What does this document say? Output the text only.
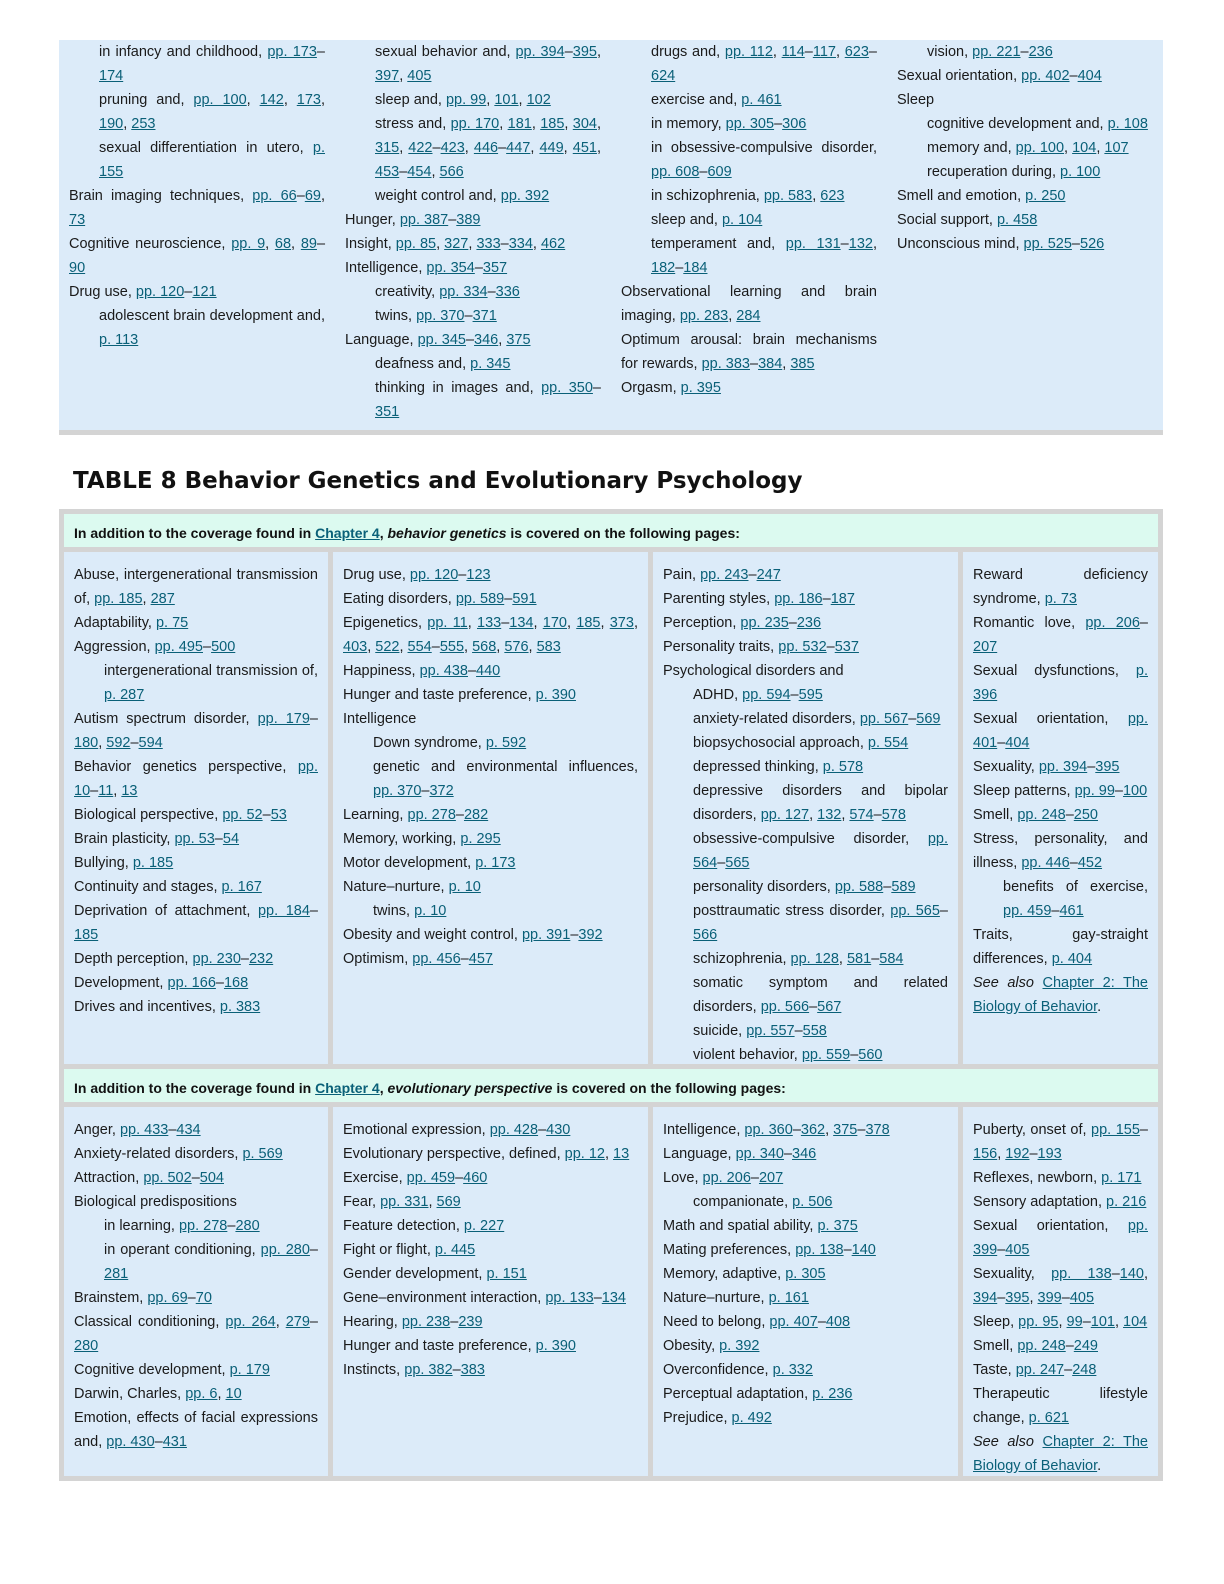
in infancy and childhood, pp. 173–174

pruning and, pp. 100, 142, 173, 190, 253

sexual differentiation in utero, p. 155

Brain imaging techniques, pp. 66–69, 73

Cognitive neuroscience, pp. 9, 68, 89–90

Drug use, pp. 120–121

adolescent brain development and, p. 113

sexual behavior and, pp. 394–395, 397, 405

sleep and, pp. 99, 101, 102

stress and, pp. 170, 181, 185, 304, 315, 422–423, 446–447, 449, 451, 453–454, 566

weight control and, pp. 392

Hunger, pp. 387–389

Insight, pp. 85, 327, 333–334, 462

Intelligence, pp. 354–357

creativity, pp. 334–336

twins, pp. 370–371

Language, pp. 345–346, 375

deafness and, p. 345

thinking in images and, pp. 350–351

drugs and, pp. 112, 114–117, 623–624

exercise and, p. 461

in memory, pp. 305–306

in obsessive-compulsive disorder, pp. 608–609

in schizophrenia, pp. 583, 623

sleep and, p. 104

temperament and, pp. 131–132, 182–184

Observational learning and brain imaging, pp. 283, 284

Optimum arousal: brain mechanisms for rewards, pp. 383–384, 385

Orgasm, p. 395

vision, pp. 221–236

Sexual orientation, pp. 402–404

Sleep

cognitive development and, p. 108

memory and, pp. 100, 104, 107

recuperation during, p. 100

Smell and emotion, p. 250

Social support, p. 458

Unconscious mind, pp. 525–526

TABLE 8 Behavior Genetics and Evolutionary Psychology
In addition to the coverage found in Chapter 4, behavior genetics is covered on the following pages:

Abuse, intergenerational transmission of, pp. 185, 287

Adaptability, p. 75

Aggression, pp. 495–500

intergenerational transmission of, p. 287

Autism spectrum disorder, pp. 179–180, 592–594

Behavior genetics perspective, pp. 10–11, 13

Biological perspective, pp. 52–53

Brain plasticity, pp. 53–54

Bullying, p. 185

Continuity and stages, p. 167

Deprivation of attachment, pp. 184–185

Depth perception, pp. 230–232

Development, pp. 166–168

Drives and incentives, p. 383

Drug use, pp. 120–123

Eating disorders, pp. 589–591

Epigenetics, pp. 11, 133–134, 170, 185, 373, 403, 522, 554–555, 568, 576, 583

Happiness, pp. 438–440

Hunger and taste preference, p. 390

Intelligence

Down syndrome, p. 592

genetic and environmental influences, pp. 370–372

Learning, pp. 278–282

Memory, working, p. 295

Motor development, p. 173

Nature–nurture, p. 10

twins, p. 10

Obesity and weight control, pp. 391–392

Optimism, pp. 456–457

Pain, pp. 243–247

Parenting styles, pp. 186–187

Perception, pp. 235–236

Personality traits, pp. 532–537

Psychological disorders and

ADHD, pp. 594–595

anxiety-related disorders, pp. 567–569

biopsychosocial approach, p. 554

depressed thinking, p. 578

depressive disorders and bipolar disorders, pp. 127, 132, 574–578

obsessive-compulsive disorder, pp. 564–565

personality disorders, pp. 588–589

posttraumatic stress disorder, pp. 565–566

schizophrenia, pp. 128, 581–584

somatic symptom and related disorders, pp. 566–567

suicide, pp. 557–558

violent behavior, pp. 559–560

Reward deficiency syndrome, p. 73

Romantic love, pp. 206–207

Sexual dysfunctions, p. 396

Sexual orientation, pp. 401–404

Sexuality, pp. 394–395

Sleep patterns, pp. 99–100

Smell, pp. 248–250

Stress, personality, and illness, pp. 446–452

benefits of exercise, pp. 459–461

Traits, gay-straight differences, p. 404

See also Chapter 2: The Biology of Behavior.

In addition to the coverage found in Chapter 4, evolutionary perspective is covered on the following pages:

Anger, pp. 433–434

Anxiety-related disorders, p. 569

Attraction, pp. 502–504

Biological predispositions

in learning, pp. 278–280

in operant conditioning, pp. 280–281

Brainstem, pp. 69–70

Classical conditioning, pp. 264, 279–280

Cognitive development, p. 179

Darwin, Charles, pp. 6, 10

Emotion, effects of facial expressions and, pp. 430–431

Emotional expression, pp. 428–430

Evolutionary perspective, defined, pp. 12, 13

Exercise, pp. 459–460

Fear, pp. 331, 569

Feature detection, p. 227

Fight or flight, p. 445

Gender development, p. 151

Gene–environment interaction, pp. 133–134

Hearing, pp. 238–239

Hunger and taste preference, p. 390

Instincts, pp. 382–383

Intelligence, pp. 360–362, 375–378

Language, pp. 340–346

Love, pp. 206–207

companionate, p. 506

Math and spatial ability, p. 375

Mating preferences, pp. 138–140

Memory, adaptive, p. 305

Nature–nurture, p. 161

Need to belong, pp. 407–408

Obesity, p. 392

Overconfidence, p. 332

Perceptual adaptation, p. 236

Prejudice, p. 492

Puberty, onset of, pp. 155–156, 192–193

Reflexes, newborn, p. 171

Sensory adaptation, p. 216

Sexual orientation, pp. 399–405

Sexuality, pp. 138–140, 394–395, 399–405

Sleep, pp. 95, 99–101, 104

Smell, pp. 248–249

Taste, pp. 247–248

Therapeutic lifestyle change, p. 621

See also Chapter 2: The Biology of Behavior.
